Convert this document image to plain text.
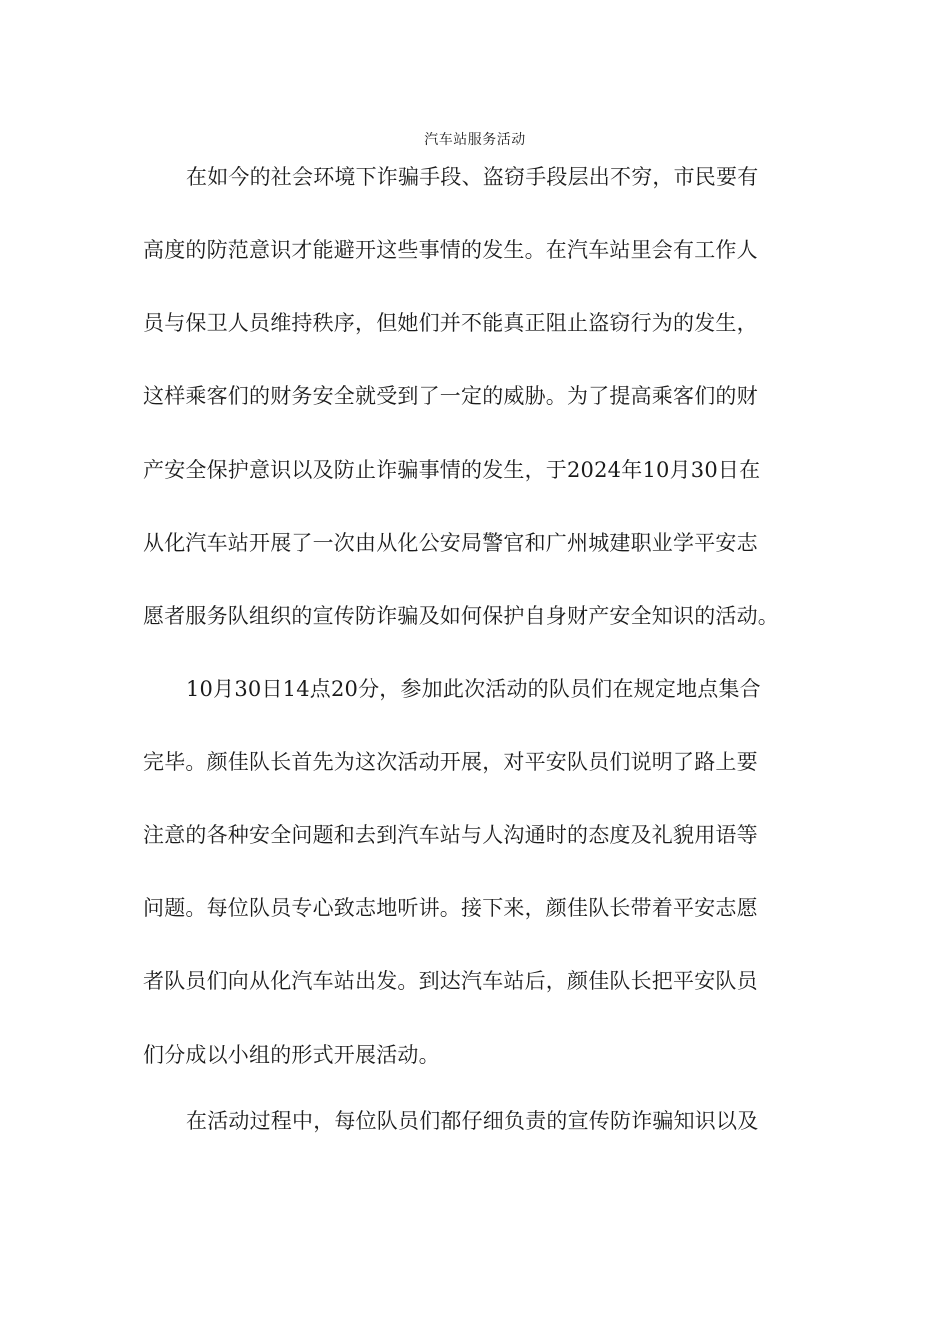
汽车站服务活动
在如今的社会环境下诈骗手段、盗窃手段层出不穷，市民要有
高度的防范意识才能避开这些事情的发生。在汽车站里会有工作人
员与保卫人员维持秩序，但她们并不能真正阻止盗窃行为的发生，
这样乘客们的财务安全就受到了一定的威胁。为了提高乘客们的财
产安全保护意识以及防止诈骗事情的发生，于2024年10月30日在
从化汽车站开展了一次由从化公安局警官和广州城建职业学平安志
愿者服务队组织的宣传防诈骗及如何保护自身财产安全知识的活动。
10月30日14点20分，参加此次活动的队员们在规定地点集合
完毕。颜佳队长首先为这次活动开展，对平安队员们说明了路上要
注意的各种安全问题和去到汽车站与人沟通时的态度及礼貌用语等
问题。每位队员专心致志地听讲。接下来，颜佳队长带着平安志愿
者队员们向从化汽车站出发。到达汽车站后，颜佳队长把平安队员
们分成以小组的形式开展活动。
在活动过程中，每位队员们都仔细负责的宣传防诈骗知识以及
